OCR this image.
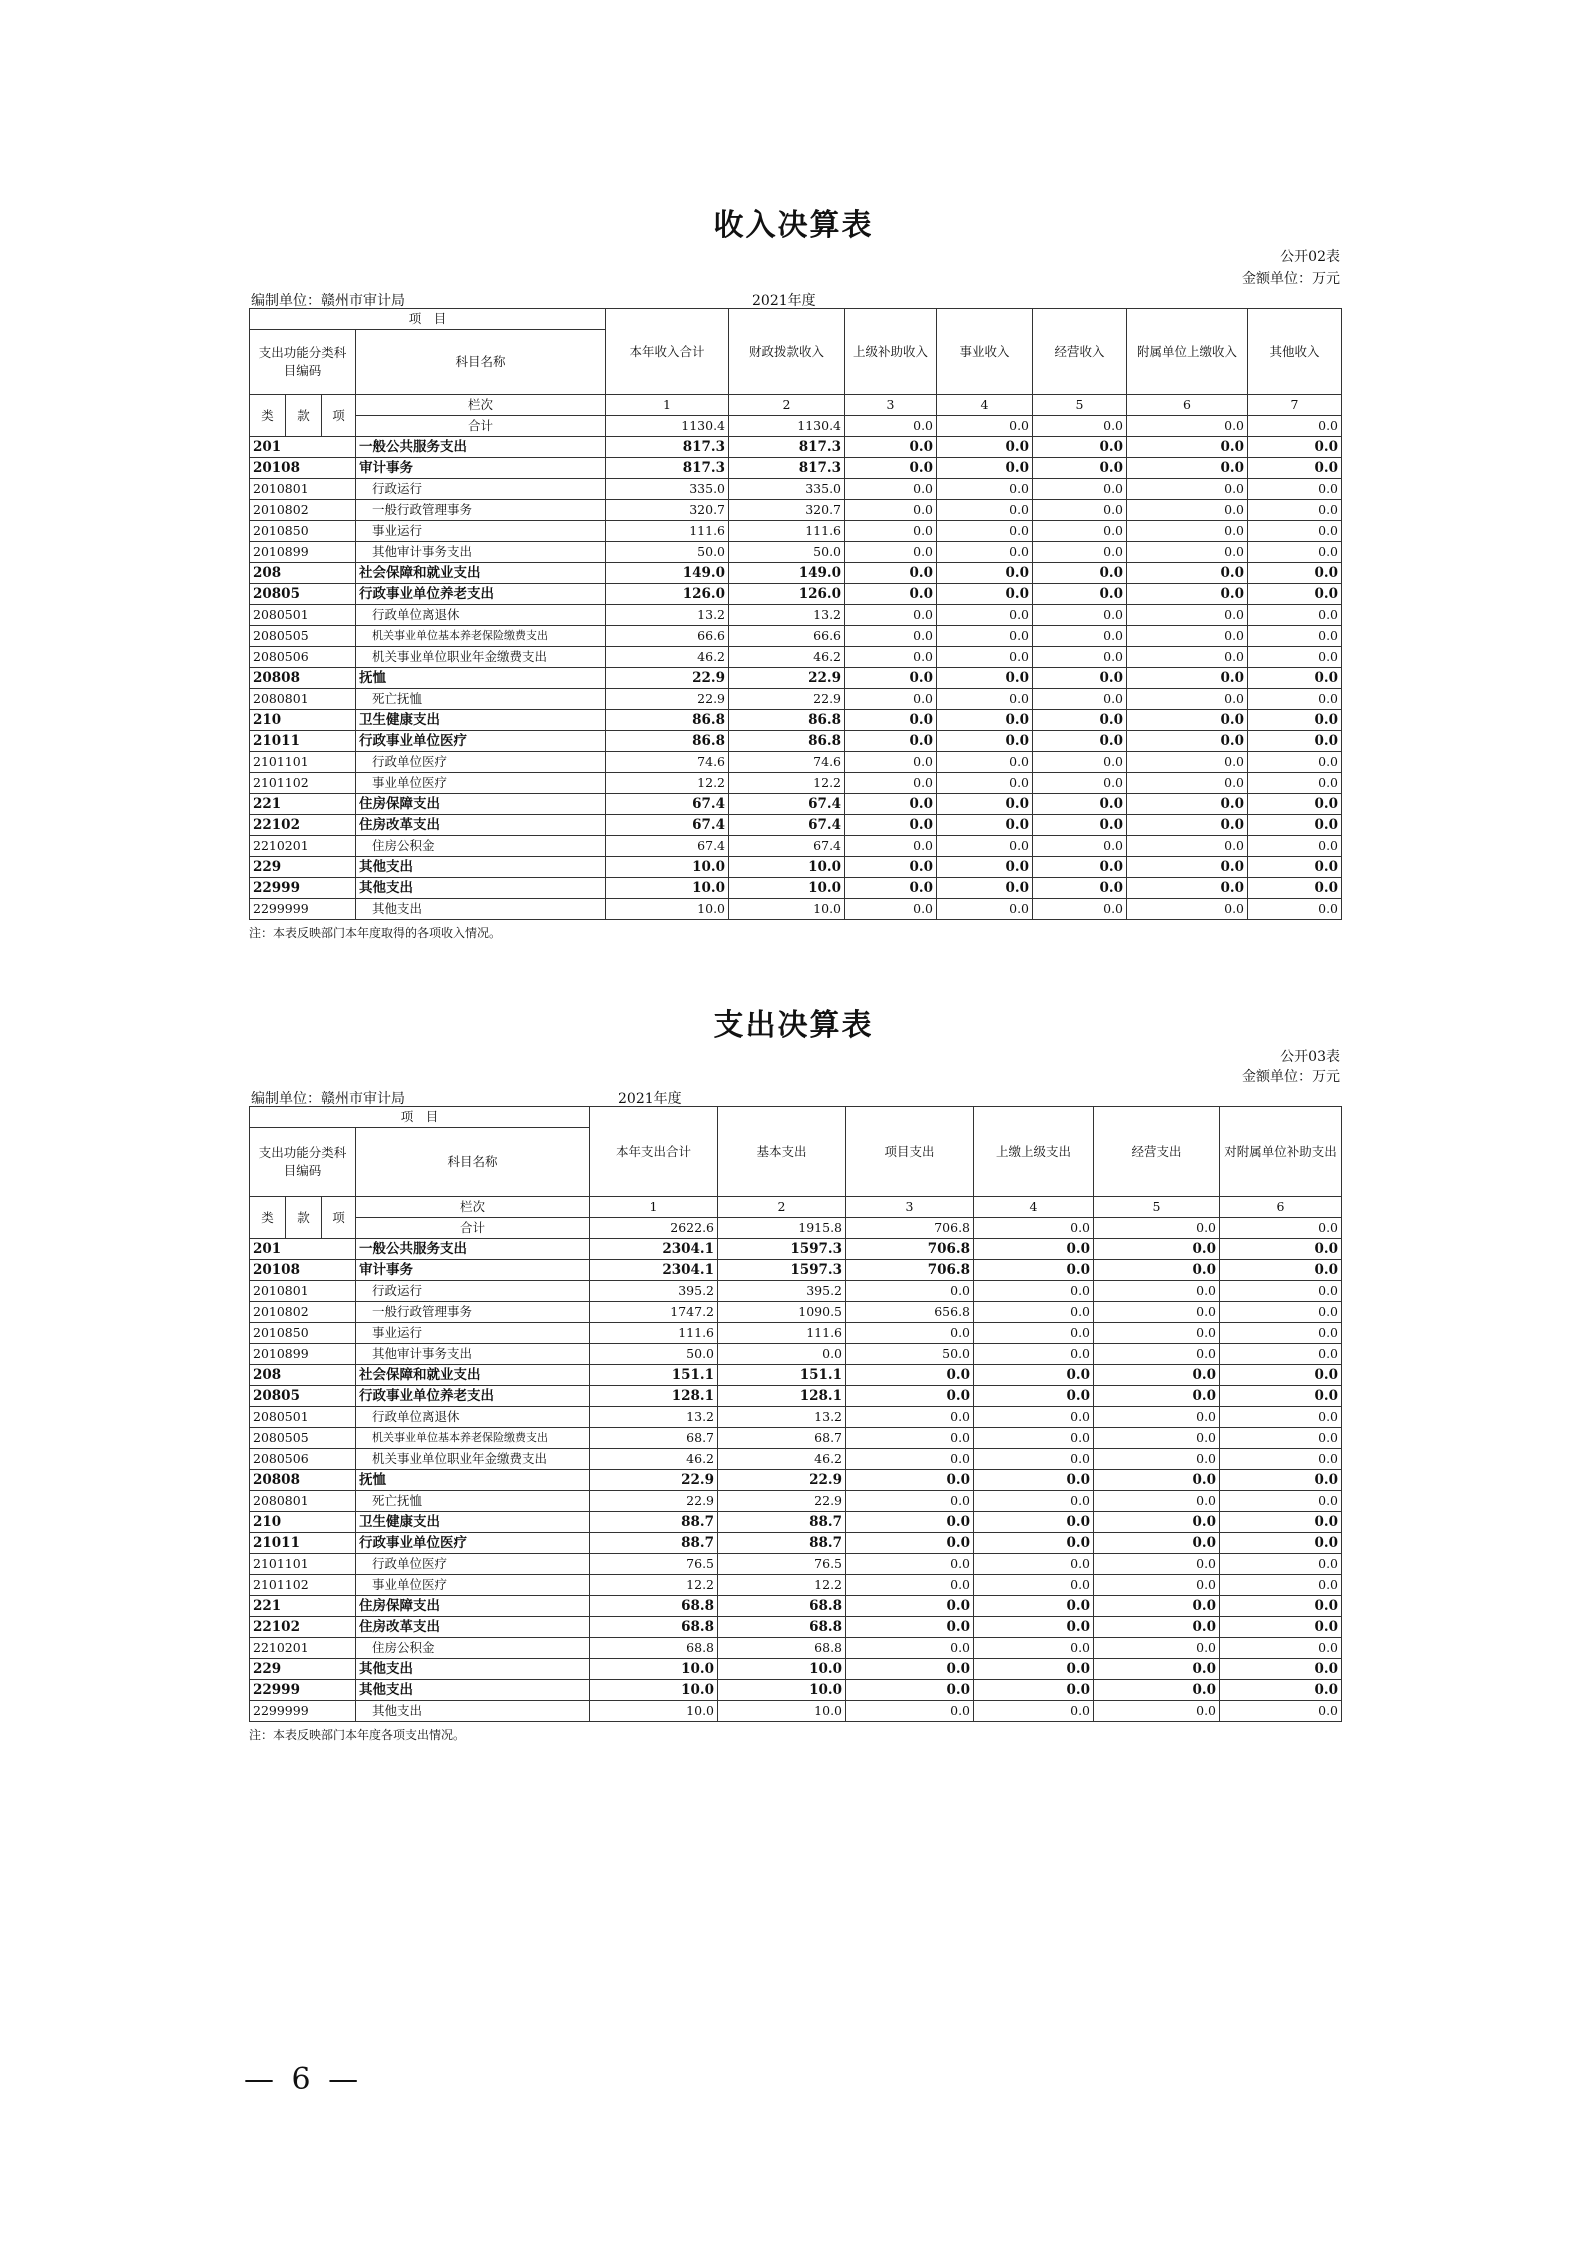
收入决算表
公开02表
金额单位：万元
编制单位：赣州市审计局	2021年度
项　目				本年收入合计	财政拨款收入	上级补助收入	事业收入	经营收入	附属单位上缴收入	其他收入
支出功能分类科目编码			科目名称							
类	款	项	栏次	1	2	3	4	5	6	7
			合计	1130.4	1130.4	0.0	0.0	0.0	0.0	0.0
201			一般公共服务支出	817.3	817.3	0.0	0.0	0.0	0.0	0.0
20108			审计事务	817.3	817.3	0.0	0.0	0.0	0.0	0.0
2010801			行政运行	335.0	335.0	0.0	0.0	0.0	0.0	0.0
2010802			一般行政管理事务	320.7	320.7	0.0	0.0	0.0	0.0	0.0
2010850			事业运行	111.6	111.6	0.0	0.0	0.0	0.0	0.0
2010899			其他审计事务支出	50.0	50.0	0.0	0.0	0.0	0.0	0.0
208			社会保障和就业支出	149.0	149.0	0.0	0.0	0.0	0.0	0.0
20805			行政事业单位养老支出	126.0	126.0	0.0	0.0	0.0	0.0	0.0
2080501			行政单位离退休	13.2	13.2	0.0	0.0	0.0	0.0	0.0
2080505			机关事业单位基本养老保险缴费支出	66.6	66.6	0.0	0.0	0.0	0.0	0.0
2080506			机关事业单位职业年金缴费支出	46.2	46.2	0.0	0.0	0.0	0.0	0.0
20808			抚恤	22.9	22.9	0.0	0.0	0.0	0.0	0.0
2080801			死亡抚恤	22.9	22.9	0.0	0.0	0.0	0.0	0.0
210			卫生健康支出	86.8	86.8	0.0	0.0	0.0	0.0	0.0
21011			行政事业单位医疗	86.8	86.8	0.0	0.0	0.0	0.0	0.0
2101101			行政单位医疗	74.6	74.6	0.0	0.0	0.0	0.0	0.0
2101102			事业单位医疗	12.2	12.2	0.0	0.0	0.0	0.0	0.0
221			住房保障支出	67.4	67.4	0.0	0.0	0.0	0.0	0.0
22102			住房改革支出	67.4	67.4	0.0	0.0	0.0	0.0	0.0
2210201			住房公积金	67.4	67.4	0.0	0.0	0.0	0.0	0.0
229			其他支出	10.0	10.0	0.0	0.0	0.0	0.0	0.0
22999			其他支出	10.0	10.0	0.0	0.0	0.0	0.0	0.0
2299999			其他支出	10.0	10.0	0.0	0.0	0.0	0.0	0.0
注：本表反映部门本年度取得的各项收入情况。
支出决算表
公开03表
金额单位：万元
编制单位：赣州市审计局	2021年度
项　目				本年支出合计	基本支出	项目支出	上缴上级支出	经营支出	对附属单位补助支出
支出功能分类科目编码			科目名称						
类	款	项	栏次	1	2	3	4	5	6
			合计	2622.6	1915.8	706.8	0.0	0.0	0.0
201			一般公共服务支出	2304.1	1597.3	706.8	0.0	0.0	0.0
20108			审计事务	2304.1	1597.3	706.8	0.0	0.0	0.0
2010801			行政运行	395.2	395.2	0.0	0.0	0.0	0.0
2010802			一般行政管理事务	1747.2	1090.5	656.8	0.0	0.0	0.0
2010850			事业运行	111.6	111.6	0.0	0.0	0.0	0.0
2010899			其他审计事务支出	50.0	0.0	50.0	0.0	0.0	0.0
208			社会保障和就业支出	151.1	151.1	0.0	0.0	0.0	0.0
20805			行政事业单位养老支出	128.1	128.1	0.0	0.0	0.0	0.0
2080501			行政单位离退休	13.2	13.2	0.0	0.0	0.0	0.0
2080505			机关事业单位基本养老保险缴费支出	68.7	68.7	0.0	0.0	0.0	0.0
2080506			机关事业单位职业年金缴费支出	46.2	46.2	0.0	0.0	0.0	0.0
20808			抚恤	22.9	22.9	0.0	0.0	0.0	0.0
2080801			死亡抚恤	22.9	22.9	0.0	0.0	0.0	0.0
210			卫生健康支出	88.7	88.7	0.0	0.0	0.0	0.0
21011			行政事业单位医疗	88.7	88.7	0.0	0.0	0.0	0.0
2101101			行政单位医疗	76.5	76.5	0.0	0.0	0.0	0.0
2101102			事业单位医疗	12.2	12.2	0.0	0.0	0.0	0.0
221			住房保障支出	68.8	68.8	0.0	0.0	0.0	0.0
22102			住房改革支出	68.8	68.8	0.0	0.0	0.0	0.0
2210201			住房公积金	68.8	68.8	0.0	0.0	0.0	0.0
229			其他支出	10.0	10.0	0.0	0.0	0.0	0.0
22999			其他支出	10.0	10.0	0.0	0.0	0.0	0.0
2299999			其他支出	10.0	10.0	0.0	0.0	0.0	0.0
注：本表反映部门本年度各项支出情况。
— 6 —
